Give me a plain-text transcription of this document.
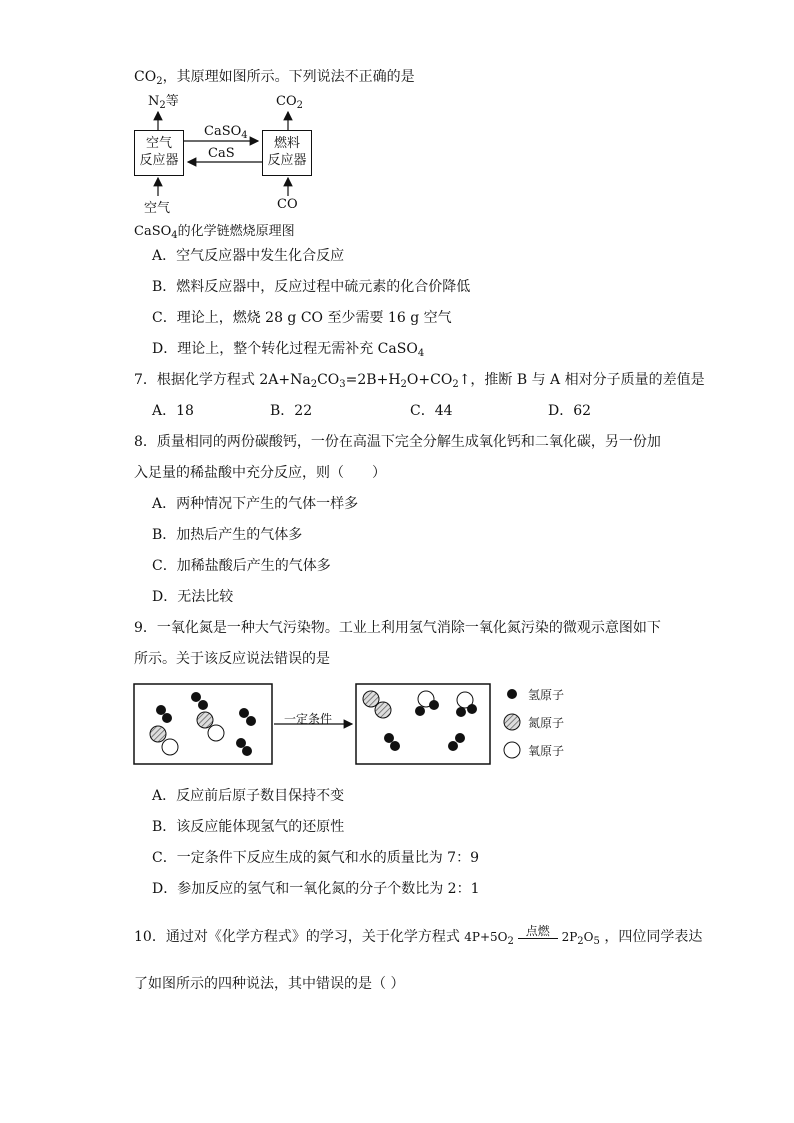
$CO_2$，其原理如图所示。下列说法不正确的是
$N_2$等	$CO_2$
空气
反应器
燃料
反应器
CaSO$_4$
CaS
空气	CO
CaSO$_4$的化学链燃烧原理图
A．空气反应器中发生化合反应
B．燃料反应器中，反应过程中硫元素的化合价降低
C．理论上，燃烧 28 g CO 至少需要 16 g 空气
D．理论上，整个转化过程无需补充 CaSO$_4$
7．根据化学方程式 $2A+Na_2CO_3=2B+H_2O+CO_2↑$，推断 B 与 A 相对分子质量的差值是
A．18	B．22	C．44	D．62
8．质量相同的两份碳酸钙，一份在高温下完全分解生成氧化钙和二氧化碳，另一份加
入足量的稀盐酸中充分反应，则（　　）
A．两种情况下产生的气体一样多
B．加热后产生的气体多
C．加稀盐酸后产生的气体多
D．无法比较
9．一氧化氮是一种大气污染物。工业上利用氢气消除一氧化氮污染的微观示意图如下
所示。关于该反应说法错误的是
一定条件
氢原子
氮原子
氧原子
A．反应前后原子数目保持不变
B．该反应能体现氢气的还原性
C．一定条件下反应生成的氮气和水的质量比为 7：9
D．参加反应的氢气和一氧化氮的分子个数比为 2：1
10．通过对《化学方程式》的学习，关于化学方程式 $4P+5O_2$
点燃 $2P_2O_5$ ，四位同学表达
了如图所示的四种说法，其中错误的是（ ）
